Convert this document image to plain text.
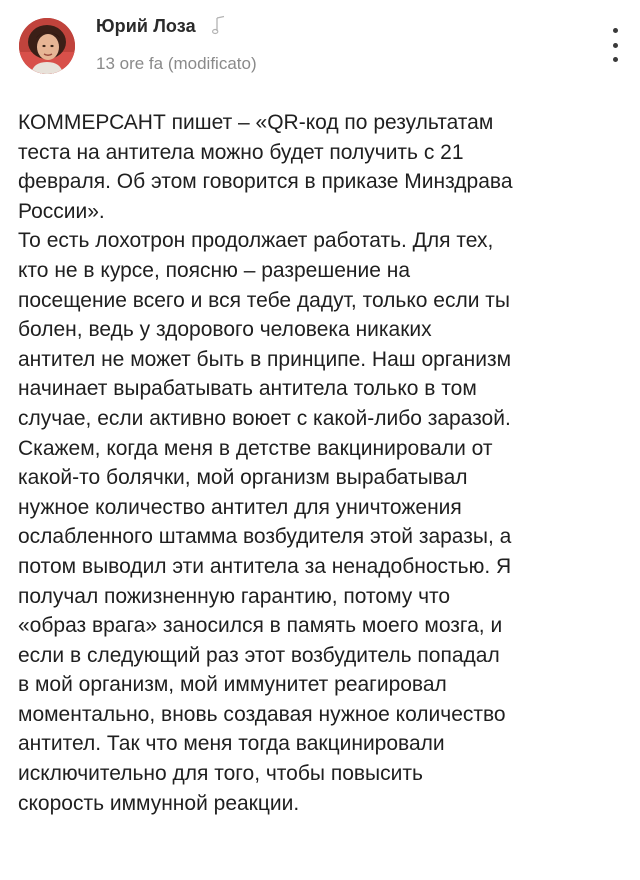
Юрий Лоза
13 ore fa (modificato)
КОММЕРСАНТ пишет – «QR-код по результатам
теста на антитела можно будет получить с 21
февраля. Об этом говорится в приказе Минздрава
России».
То есть лохотрон продолжает работать. Для тех,
кто не в курсе, поясню – разрешение на
посещение всего и вся тебе дадут, только если ты
болен, ведь у здорового человека никаких
антител не может быть в принципе. Наш организм
начинает вырабатывать антитела только в том
случае, если активно воюет с какой-либо заразой.
Скажем, когда меня в детстве вакцинировали от
какой-то болячки, мой организм вырабатывал
нужное количество антител для уничтожения
ослабленного штамма возбудителя этой заразы, а
потом выводил эти антитела за ненадобностью. Я
получал пожизненную гарантию, потому что
«образ врага» заносился в память моего мозга, и
если в следующий раз этот возбудитель попадал
в мой организм, мой иммунитет реагировал
моментально, вновь создавая нужное количество
антител. Так что меня тогда вакцинировали
исключительно для того, чтобы повысить
скорость иммунной реакции.
